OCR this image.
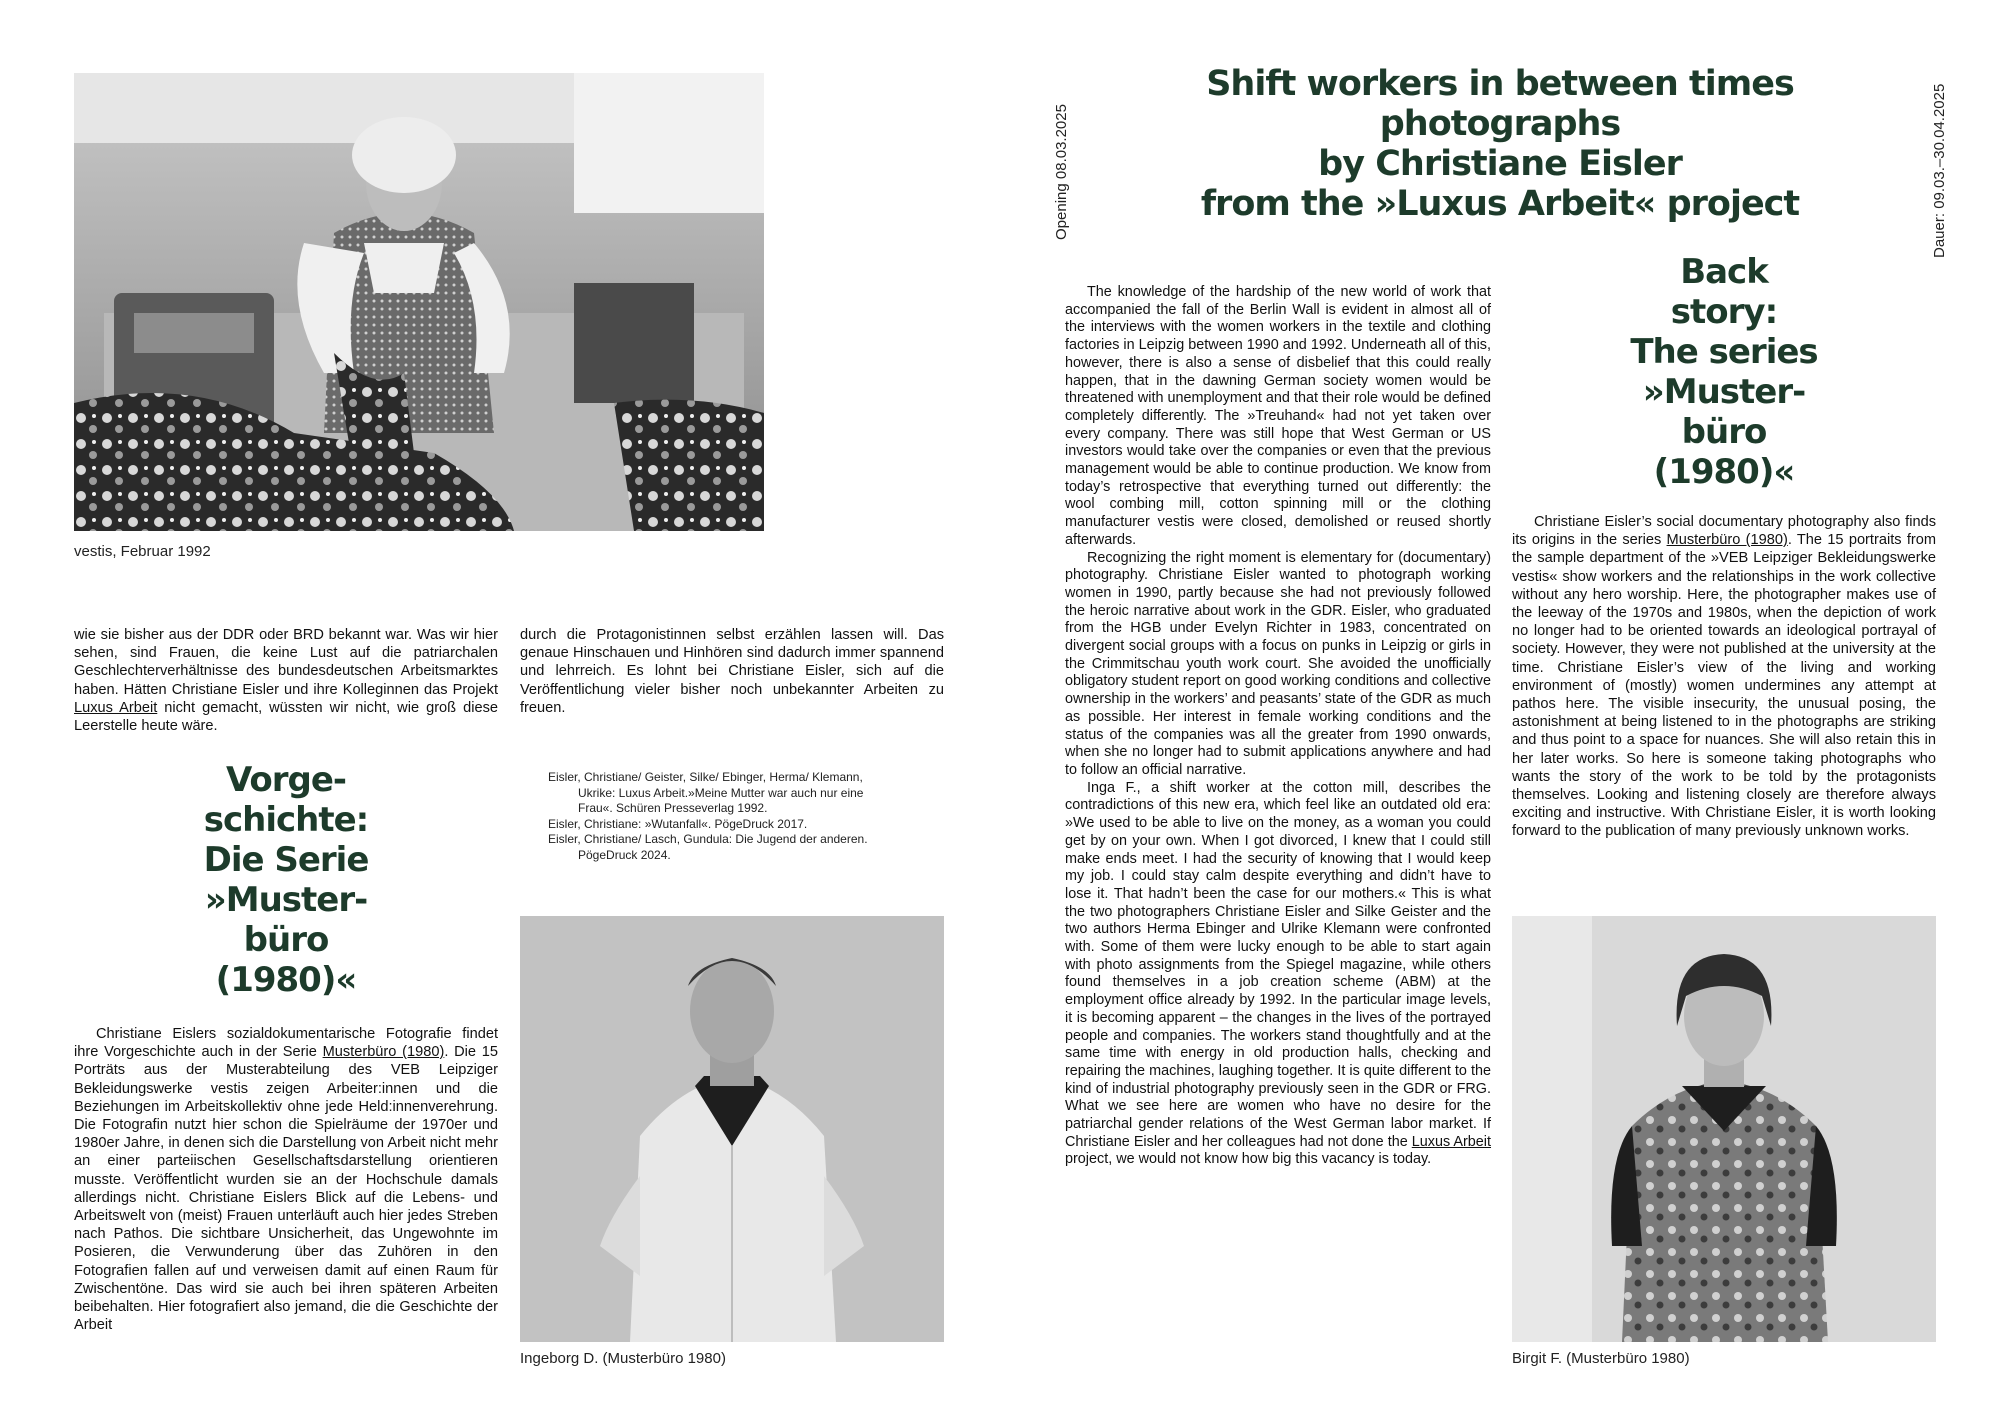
vestis, Februar 1992

wie sie bisher aus der DDR oder BRD bekannt war. Was wir hier sehen, sind Frauen, die keine Lust auf die patriarchalen Geschlechterverhältnisse des bundesdeutschen Arbeitsmarktes haben. Hätten Christiane Eisler und ihre Kolleginnen das Projekt Luxus Arbeit nicht gemacht, wüssten wir nicht, wie groß diese Leerstelle heute wäre.

durch die Protagonistinnen selbst erzählen lassen will. Das genaue Hinschauen und Hinhören sind dadurch immer spannend und lehrreich. Es lohnt bei Christiane Eisler, sich auf die Veröffentlichung vieler bisher noch unbekannter Arbeiten zu freuen.

Vorge-
schichte:
Die Serie
»Muster-
büro
(1980)«
Eisler, Christiane/ Geister, Silke/ Ebinger, Herma/ Klemann, Ukrike: Luxus Arbeit.»Meine Mutter war auch nur eine Frau«. Schüren Presseverlag 1992.
Eisler, Christiane: »Wutanfall«. PögeDruck 2017.
Eisler, Christiane/ Lasch, Gundula: Die Jugend der anderen. PögeDruck 2024.

Christiane Eislers sozialdokumentarische Fotografie findet ihre Vorgeschichte auch in der Serie Musterbüro (1980). Die 15 Porträts aus der Musterabteilung des VEB Leipziger Bekleidungswerke vestis zeigen Arbeiter:innen und die Beziehungen im Arbeitskollektiv ohne jede Held:innenverehrung. Die Fotografin nutzt hier schon die Spielräume der 1970er und 1980er Jahre, in denen sich die Darstellung von Arbeit nicht mehr an einer parteiischen Gesellschaftsdarstellung orientieren musste. Veröffentlicht wurden sie an der Hochschule damals allerdings nicht. Christiane Eislers Blick auf die Lebens- und Arbeitswelt von (meist) Frauen unterläuft auch hier jedes Streben nach Pathos. Die sichtbare Unsicherheit, das Ungewohnte im Posieren, die Verwunderung über das Zuhören in den Fotografien fallen auf und verweisen damit auf einen Raum für Zwischentöne. Das wird sie auch bei ihren späteren Arbeiten beibehalten. Hier fotografiert also jemand, die die Geschichte der Arbeit

Ingeborg D. (Musterbüro 1980)
Opening 08.03.2025	Dauer: 09.03.–30.04.2025
Shift workers in between times
photographs
by Christiane Eisler
from the »Luxus Arbeit« project
Back
story:
The series
»Muster-
büro
(1980)«

The knowledge of the hardship of the new world of work that accompanied the fall of the Berlin Wall is evident in almost all of the interviews with the women workers in the textile and clothing factories in Leipzig between 1990 and 1992. Underneath all of this, however, there is also a sense of disbelief that this could really happen, that in the dawning German society women would be threatened with unemployment and that their role would be defined completely differently. The »Treuhand« had not yet taken over every company. There was still hope that West German or US investors would take over the companies or even that the previous management would be able to continue production. We know from today’s retrospective that everything turned out differently: the wool combing mill, cotton spinning mill or the clothing manufacturer vestis were closed, demolished or reused shortly afterwards.

Recognizing the right moment is elementary for (documentary) photography. Christiane Eisler wanted to photograph working women in 1990, partly because she had not previously followed the heroic narrative about work in the GDR. Eisler, who graduated from the HGB under Evelyn Richter in 1983, concentrated on divergent social groups with a focus on punks in Leipzig or girls in the Crimmitschau youth work court. She avoided the unofficially obligatory student report on good working conditions and collective ownership in the workers’ and peasants’ state of the GDR as much as possible. Her interest in female working conditions and the status of the companies was all the greater from 1990 onwards, when she no longer had to submit applications anywhere and had to follow an official narrative.

Inga F., a shift worker at the cotton mill, describes the contradictions of this new era, which feel like an outdated old era: »We used to be able to live on the money, as a woman you could get by on your own. When I got divorced, I knew that I could still make ends meet. I had the security of knowing that I would keep my job. I could stay calm despite everything and didn’t have to lose it. That hadn’t been the case for our mothers.« This is what the two photographers Christiane Eisler and Silke Geister and the two authors Herma Ebinger and Ulrike Klemann were confronted with. Some of them were lucky enough to be able to start again with photo assignments from the Spiegel magazine, while others found themselves in a job creation scheme (ABM) at the employment office already by 1992. In the particular image levels, it is becoming apparent – the changes in the lives of the portrayed people and companies. The workers stand thoughtfully and at the same time with energy in old production halls, checking and repairing the machines, laughing together. It is quite different to the kind of industrial photography previously seen in the GDR or FRG. What we see here are women who have no desire for the patriarchal gender relations of the West German labor market. If Christiane Eisler and her colleagues had not done the Luxus Arbeit project, we would not know how big this vacancy is today.

Christiane Eisler’s social documentary photography also finds its origins in the series Musterbüro (1980). The 15 portraits from the sample department of the »VEB Leipziger Bekleidungswerke vestis« show workers and the relationships in the work collective without any hero worship. Here, the photographer makes use of the leeway of the 1970s and 1980s, when the depiction of work no longer had to be oriented towards an ideological portrayal of society. However, they were not published at the university at the time. Christiane Eisler’s view of the living and working environment of (mostly) women undermines any attempt at pathos here. The visible insecurity, the unusual posing, the astonishment at being listened to in the photographs are striking and thus point to a space for nuances. She will also retain this in her later works. So here is someone taking photographs who wants the story of the work to be told by the protagonists themselves. Looking and listening closely are therefore always exciting and instructive. With Christiane Eisler, it is worth looking forward to the publication of many previously unknown works.

Birgit F. (Musterbüro 1980)
